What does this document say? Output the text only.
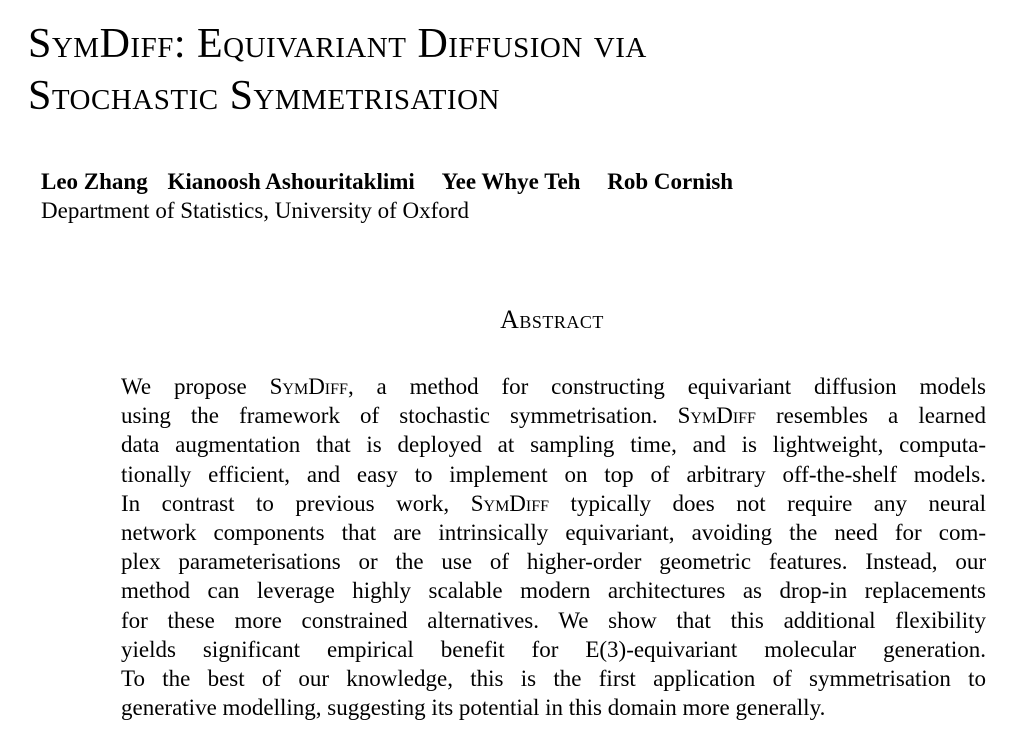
SymDiff: Equivariant Diffusion via
Stochastic Symmetrisation
Leo Zhang Kianoosh Ashouritaklimi Yee Whye Teh Rob Cornish
Department of Statistics, University of Oxford
Abstract
We propose SymDiff, a method for constructing equivariant diffusion models
using the framework of stochastic symmetrisation. SymDiff resembles a learned
data augmentation that is deployed at sampling time, and is lightweight, computa-
tionally efficient, and easy to implement on top of arbitrary off-the-shelf models.
In contrast to previous work, SymDiff typically does not require any neural
network components that are intrinsically equivariant, avoiding the need for com-
plex parameterisations or the use of higher-order geometric features. Instead, our
method can leverage highly scalable modern architectures as drop-in replacements
for these more constrained alternatives. We show that this additional flexibility
yields significant empirical benefit for E(3)-equivariant molecular generation.
To the best of our knowledge, this is the first application of symmetrisation to
generative modelling, suggesting its potential in this domain more generally.
